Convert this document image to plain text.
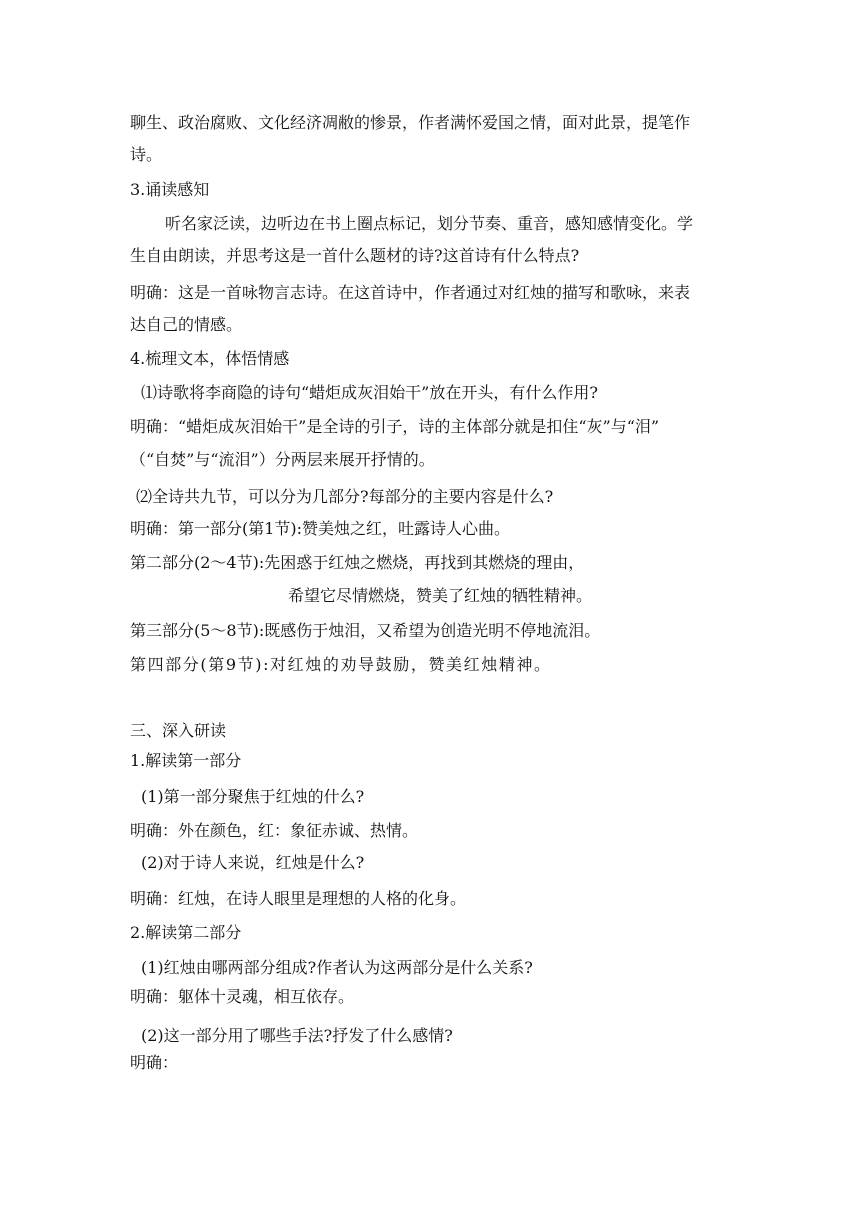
聊生、政治腐败、文化经济凋敝的惨景，作者满怀爱国之情，面对此景，提笔作

诗。

3.诵读感知

听名家泛读，边听边在书上圈点标记，划分节奏、重音，感知感情变化。学

生自由朗读，并思考这是一首什么题材的诗?这首诗有什么特点?

明确：这是一首咏物言志诗。在这首诗中，作者通过对红烛的描写和歌咏，来表

达自己的情感。

4.梳理文本，体悟情感

⑴诗歌将李商隐的诗句“蜡炬成灰泪始干”放在开头，有什么作用?

明确：“蜡炬成灰泪始干”是全诗的引子，诗的主体部分就是扣住“灰”与“泪”

（“自焚”与“流泪”）分两层来展开抒情的。

⑵全诗共九节，可以分为几部分?每部分的主要内容是什么?

明确：第一部分(第1节):赞美烛之红，吐露诗人心曲。

第二部分(2～4节):先困惑于红烛之燃烧，再找到其燃烧的理由，

希望它尽情燃烧，赞美了红烛的牺牲精神。

第三部分(5～8节):既感伤于烛泪，又希望为创造光明不停地流泪。

第四部分(第9节):对红烛的劝导鼓励，赞美红烛精神。

三、深入研读

1.解读第一部分

(1)第一部分聚焦于红烛的什么?

明确：外在颜色，红：象征赤诚、热情。

(2)对于诗人来说，红烛是什么?

明确：红烛，在诗人眼里是理想的人格的化身。

2.解读第二部分

(1)红烛由哪两部分组成?作者认为这两部分是什么关系?

明确：躯体十灵魂，相互依存。

(2)这一部分用了哪些手法?抒发了什么感情?

明确：
